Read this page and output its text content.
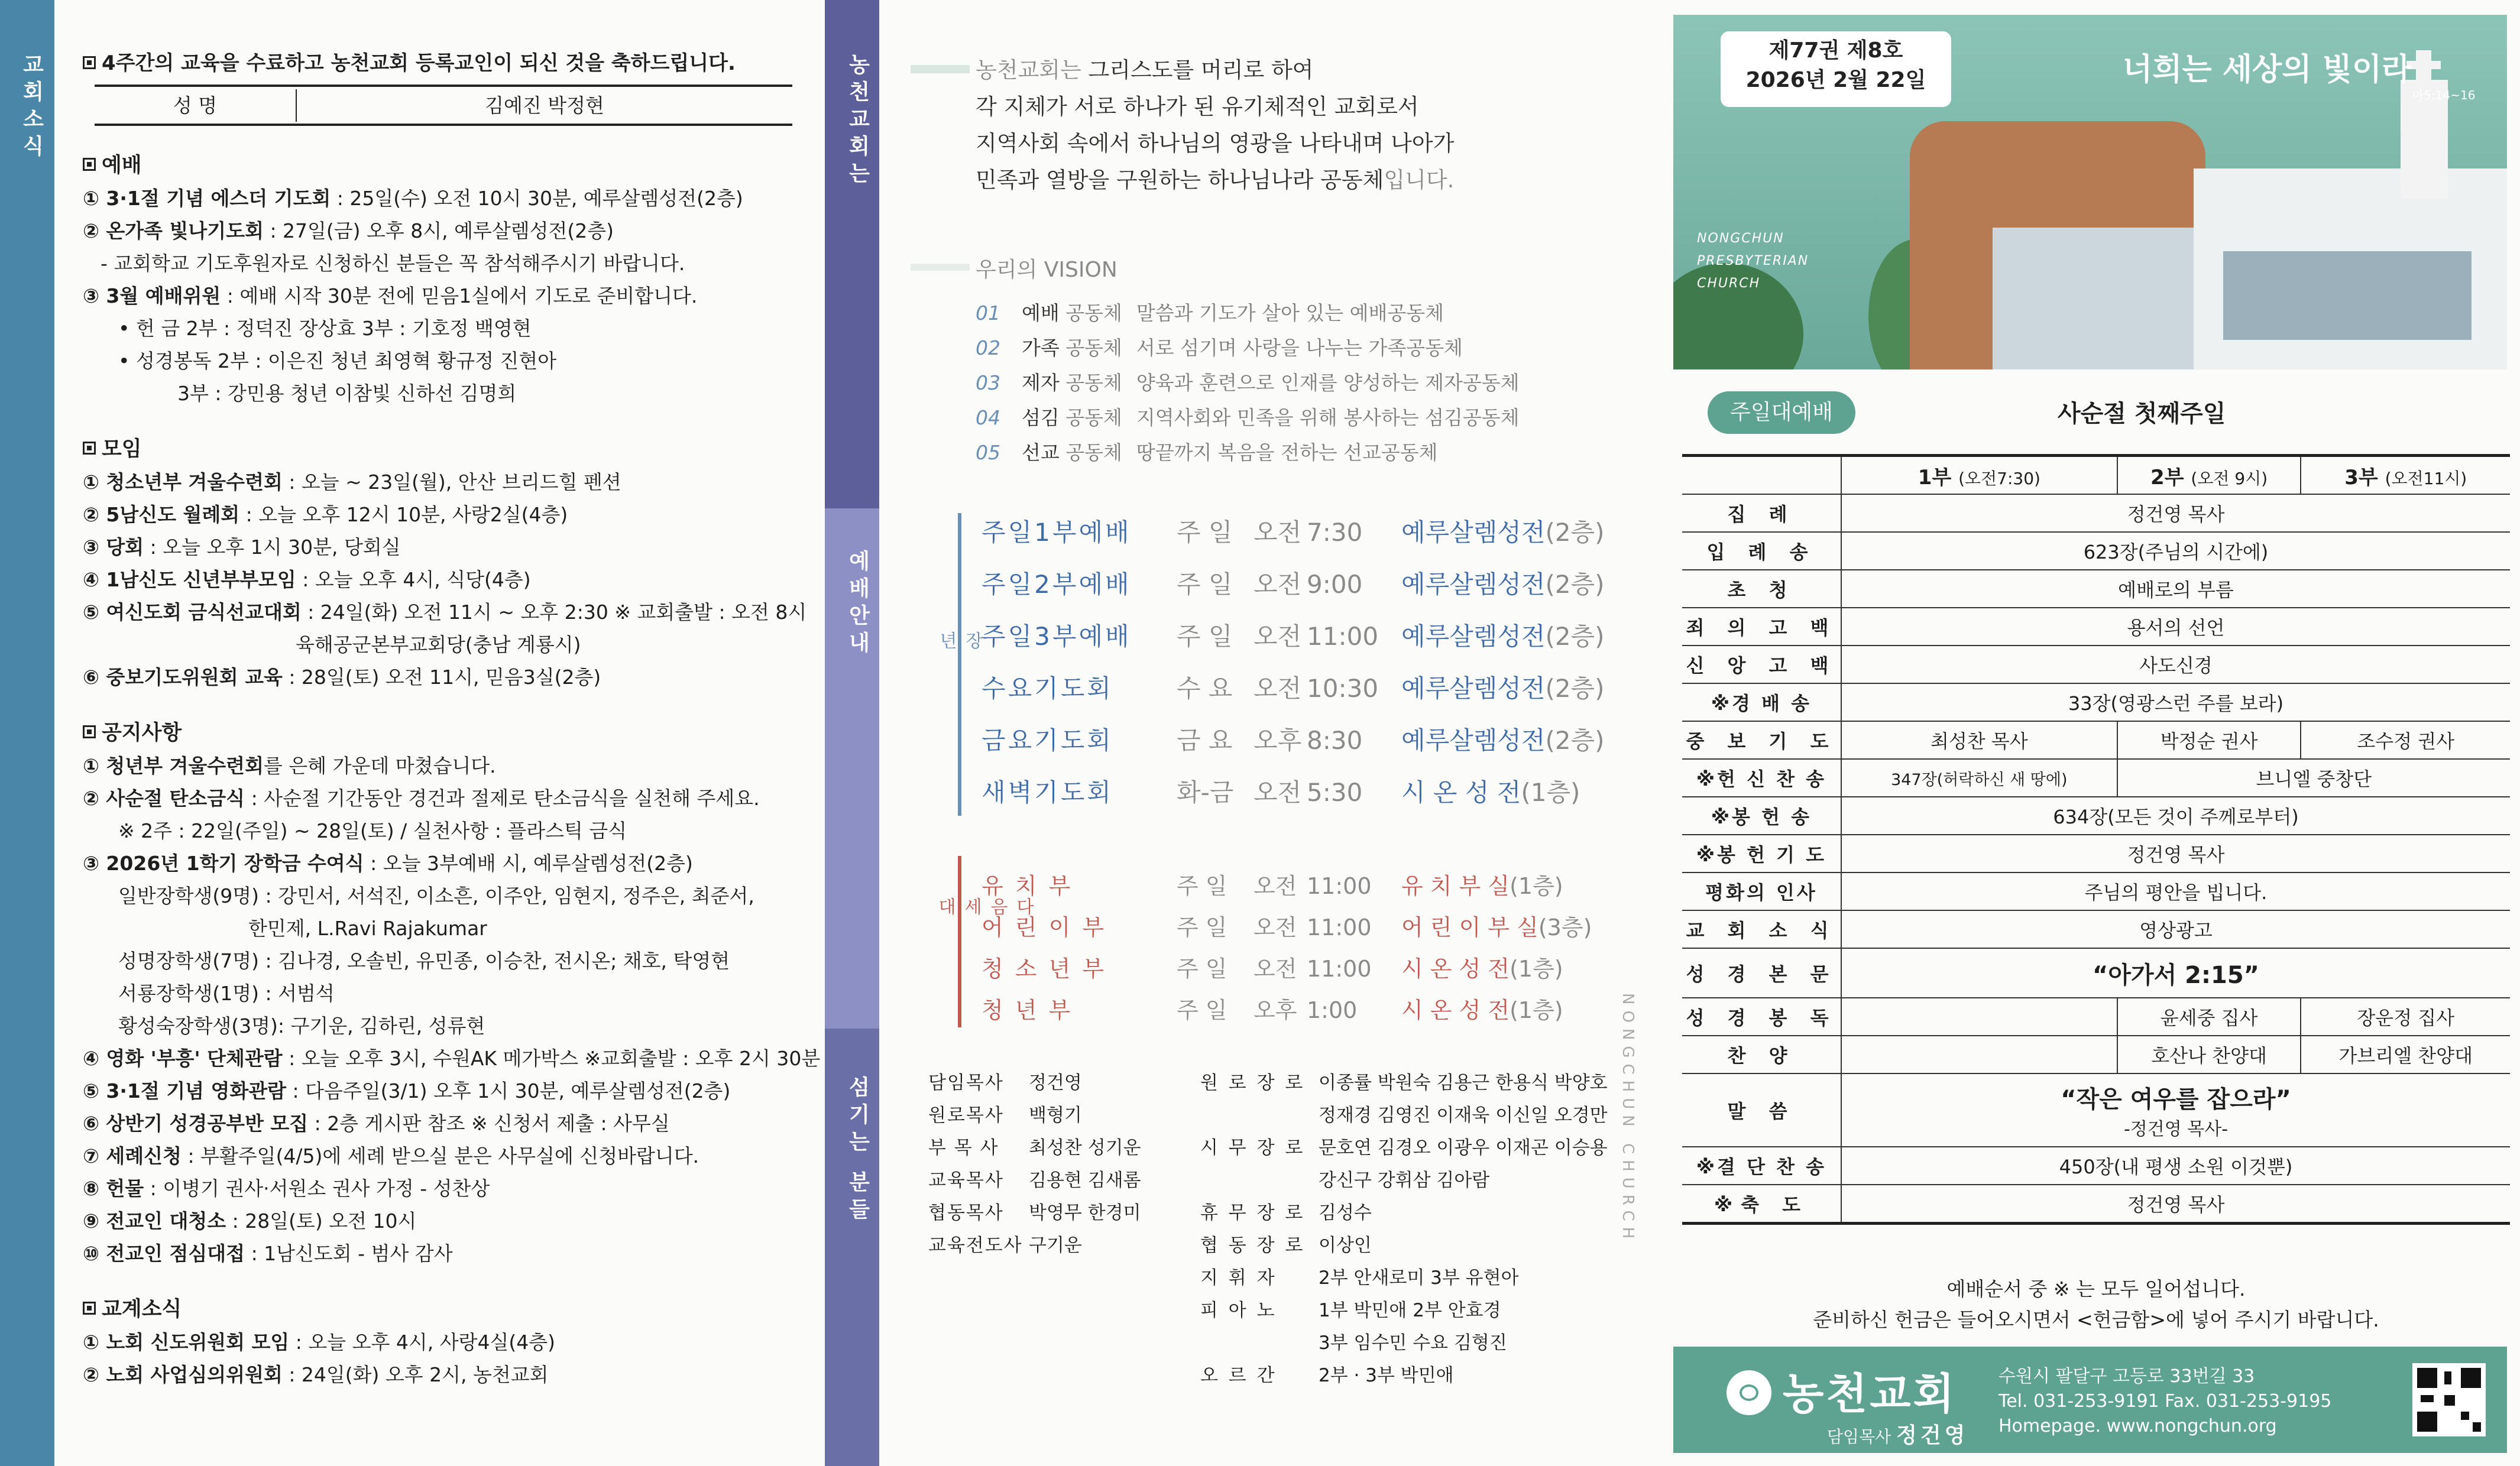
교회소식	4주간의 교육을 수료하고 농천교회 등록교인이 되신 것을 축하드립니다.
성 명	김예진 박정현
예배
① 3·1절 기념 에스더 기도회 : 25일(수) 오전 10시 30분, 예루살렘성전(2층)
② 온가족 빛나기도회 : 27일(금) 오후 8시, 예루살렘성전(2층)
- 교회학교 기도후원자로 신청하신 분들은 꼭 참석해주시기 바랍니다.
③ 3월 예배위원 : 예배 시작 30분 전에 믿음1실에서 기도로 준비합니다.
• 헌 금 2부 : 정덕진 장상효 3부 : 기호정 백영현
• 성경봉독 2부 : 이은진 청년 최영혁 황규정 진현아
3부 : 강민용 청년 이참빛 신하선 김명희
모임
① 청소년부 겨울수련회 : 오늘 ~ 23일(월), 안산 브리드힐 펜션
② 5남신도 월례회 : 오늘 오후 12시 10분, 사랑2실(4층)
③ 당회 : 오늘 오후 1시 30분, 당회실
④ 1남신도 신년부부모임 : 오늘 오후 4시, 식당(4층)
⑤ 여신도회 금식선교대회 : 24일(화) 오전 11시 ~ 오후 2:30 ※ 교회출발 : 오전 8시
육해공군본부교회당(충남 계룡시)
⑥ 중보기도위원회 교육 : 28일(토) 오전 11시, 믿음3실(2층)
공지사항
① 청년부 겨울수련회를 은혜 가운데 마쳤습니다.
② 사순절 탄소금식 : 사순절 기간동안 경건과 절제로 탄소금식을 실천해 주세요.
※ 2주 : 22일(주일) ~ 28일(토) / 실천사항 : 플라스틱 금식
③ 2026년 1학기 장학금 수여식 : 오늘 3부예배 시, 예루살렘성전(2층)
일반장학생(9명) : 강민서, 서석진, 이소흔, 이주안, 임현지, 정주은, 최준서,
한민제, L.Ravi Rajakumar
성명장학생(7명) : 김나경, 오솔빈, 유민종, 이승찬, 전시온; 채호, 탁영현
서룡장학생(1명) : 서범석
황성숙장학생(3명): 구기운, 김하린, 성류현
④ 영화 '부흥' 단체관람 : 오늘 오후 3시, 수원AK 메가박스 ※교회출발 : 오후 2시 30분
⑤ 3·1절 기념 영화관람 : 다음주일(3/1) 오후 1시 30분, 예루살렘성전(2층)
⑥ 상반기 성경공부반 모집 : 2층 게시판 참조 ※ 신청서 제출 : 사무실
⑦ 세례신청 : 부활주일(4/5)에 세례 받으실 분은 사무실에 신청바랍니다.
⑧ 헌물 : 이병기 권사·서원소 권사 가정 - 성찬상
⑨ 전교인 대청소 : 28일(토) 오전 10시
⑩ 전교인 점심대접 : 1남신도회 - 범사 감사
교계소식
① 노회 신도위원회 모임 : 오늘 오후 4시, 사랑4실(4층)
② 노회 사업심의위원회 : 24일(화) 오후 2시, 농천교회
농천교회는
예배안내
섬기는 분들
농천교회는 그리스도를 머리로 하여
각 지체가 서로 하나가 된 유기체적인 교회로서
지역사회 속에서 하나님의 영광을 나타내며 나아가
민족과 열방을 구원하는 하나님나라 공동체입니다.
우리의 VISION
01 예배 공동체 말씀과 기도가 살아 있는 예배공동체
02 가족 공동체 서로 섬기며 사랑을 나누는 가족공동체
03 제자 공동체 양육과 훈련으로 인재를 양성하는 제자공동체
04 섬김 공동체 지역사회와 민족을 위해 봉사하는 섬김공동체
05 선교 공동체 땅끝까지 복음을 전하는 선교공동체
장년
주일1부예배 주 일 오전 7:30 예루살렘성전(2층)
주일2부예배 주 일 오전 9:00 예루살렘성전(2층)
주일3부예배 주 일 오전 11:00 예루살렘성전(2층)
수요기도회	수 요 오전 10:30 예루살렘성전(2층)
금요기도회	금 요 오후 8:30 예루살렘성전(2층)
새벽기도회	화-금 오전 5:30 시 온 성 전(1층)
다음세대
유 치 부	주 일 오전 11:00 유 치 부 실(1층)
어 린 이 부	주 일 오전 11:00 어 린 이 부 실(3층)
청 소 년 부	주 일 오전 11:00 시 온 성 전(1층)
청 년 부	주 일 오후 1:00 시 온 성 전(1층)
담임목사	정건영	원 로 장 로 이종률 박원숙 김용근 한용식 박양호
원로목사	백형기	정재경 김영진 이재욱 이신일 오경만
부 목 사	최성찬 성기운	시 무 장 로 문호연 김경오 이광우 이재곤 이승용
교육목사	김용현 김새롬	강신구 강휘삼 김아람
협동목사	박영무 한경미	휴 무 장 로 김성수
교육전도사 구기운	협 동 장 로 이상인
지 휘 자	2부 안새로미 3부 유현아
피 아 노	1부 박민애 2부 안효경
3부 임수민 수요 김형진
오 르 간	2부 · 3부 박민애
NONGCHUN CHURCH
제77권 제8호
2026년 2월 22일	너희는 세상의 빛이라
마5:14~16
NONGCHUN
PRESBYTERIAN
CHURCH
주일대예배	사순절 첫째주일
	1부 (오전7:30)	2부 (오전 9시)	3부 (오전11시)
집 례	정건영 목사		
입 례 송	623장(주님의 시간에)		
초 청	예배로의 부름		
죄 의 고 백	용서의 선언		
신 앙 고 백	사도신경		
※경 배 송	33장(영광스런 주를 보라)		
중 보 기 도	최성찬 목사	박정순 권사	조수정 권사
※헌 신 찬 송	347장(허락하신 새 땅에)	브니엘 중창단	
※봉 헌 송	634장(모든 것이 주께로부터)		
※봉 헌 기 도	정건영 목사		
평화의 인사	주님의 평안을 빕니다.		
교 회 소 식	영상광고		
성 경 본 문	“아가서 2:15”		
성 경 봉 독		윤세중 집사	장운정 집사
찬 양		호산나 찬양대	가브리엘 찬양대
말 씀	“작은 여우를 잡으라”
-정건영 목사-		

※결 단 찬 송	450장(내 평생 소원 이것뿐)		
※축 도	정건영 목사		
예배순서 중 ※ 는 모두 일어섭니다.
준비하신 헌금은 들어오시면서 <헌금함>에 넣어 주시기 바랍니다.
농천교회
담임목사 정건영
수원시 팔달구 고등로 33번길 33
Tel. 031-253-9191 Fax. 031-253-9195
Homepage. www.nongchun.org
